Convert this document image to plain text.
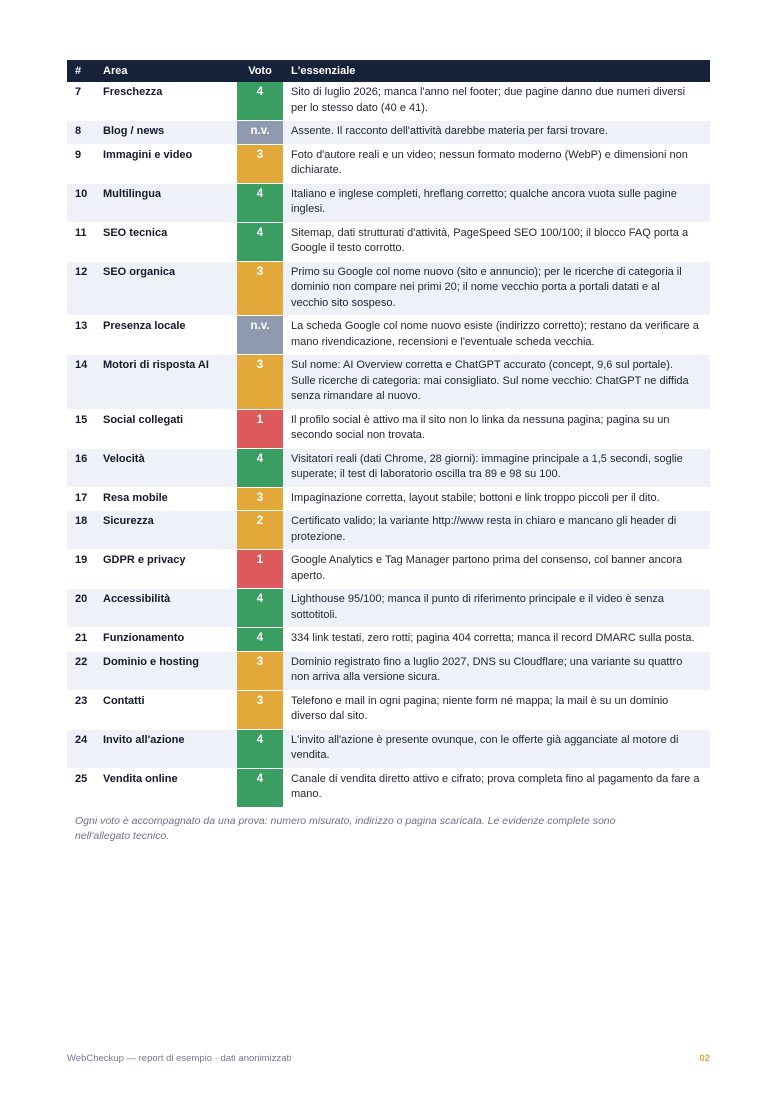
#	Area	Voto	L'essenziale
7	Freschezza	4	Sito di luglio 2026; manca l'anno nel footer; due pagine danno due numeri diversi per lo stesso dato (40 e 41).
8	Blog / news	n.v.	Assente. Il racconto dell'attività darebbe materia per farsi trovare.
9	Immagini e video	3	Foto d'autore reali e un video; nessun formato moderno (WebP) e dimensioni non dichiarate.
10	Multilingua	4	Italiano e inglese completi, hreflang corretto; qualche ancora vuota sulle pagine inglesi.
11	SEO tecnica	4	Sitemap, dati strutturati d'attività, PageSpeed SEO 100/100; il blocco FAQ porta a Google il testo corrotto.
12	SEO organica	3	Primo su Google col nome nuovo (sito e annuncio); per le ricerche di categoria il dominio non compare nei primi 20; il nome vecchio porta a portali datati e al vecchio sito sospeso.
13	Presenza locale	n.v.	La scheda Google col nome nuovo esiste (indirizzo corretto); restano da verificare a mano rivendicazione, recensioni e l'eventuale scheda vecchia.
14	Motori di risposta AI	3	Sul nome: AI Overview corretta e ChatGPT accurato (concept, 9,6 sul portale). Sulle ricerche di categoria: mai consigliato. Sul nome vecchio: ChatGPT ne diffida senza rimandare al nuovo.
15	Social collegati	1	Il profilo social è attivo ma il sito non lo linka da nessuna pagina; pagina su un secondo social non trovata.
16	Velocità	4	Visitatori reali (dati Chrome, 28 giorni): immagine principale a 1,5 secondi, soglie superate; il test di laboratorio oscilla tra 89 e 98 su 100.
17	Resa mobile	3	Impaginazione corretta, layout stabile; bottoni e link troppo piccoli per il dito.
18	Sicurezza	2	Certificato valido; la variante http://www resta in chiaro e mancano gli header di protezione.
19	GDPR e privacy	1	Google Analytics e Tag Manager partono prima del consenso, col banner ancora aperto.
20	Accessibilità	4	Lighthouse 95/100; manca il punto di riferimento principale e il video è senza sottotitoli.
21	Funzionamento	4	334 link testati, zero rotti; pagina 404 corretta; manca il record DMARC sulla posta.
22	Dominio e hosting	3	Dominio registrato fino a luglio 2027, DNS su Cloudflare; una variante su quattro non arriva alla versione sicura.
23	Contatti	3	Telefono e mail in ogni pagina; niente form né mappa; la mail è su un dominio diverso dal sito.
24	Invito all'azione	4	L'invito all'azione è presente ovunque, con le offerte già agganciate al motore di vendita.
25	Vendita online	4	Canale di vendita diretto attivo e cifrato; prova completa fino al pagamento da fare a mano.
Ogni voto è accompagnato da una prova: numero misurato, indirizzo o pagina scaricata. Le evidenze complete sono nell'allegato tecnico.
WebCheckup — report di esempio · dati anonimizzati	02
